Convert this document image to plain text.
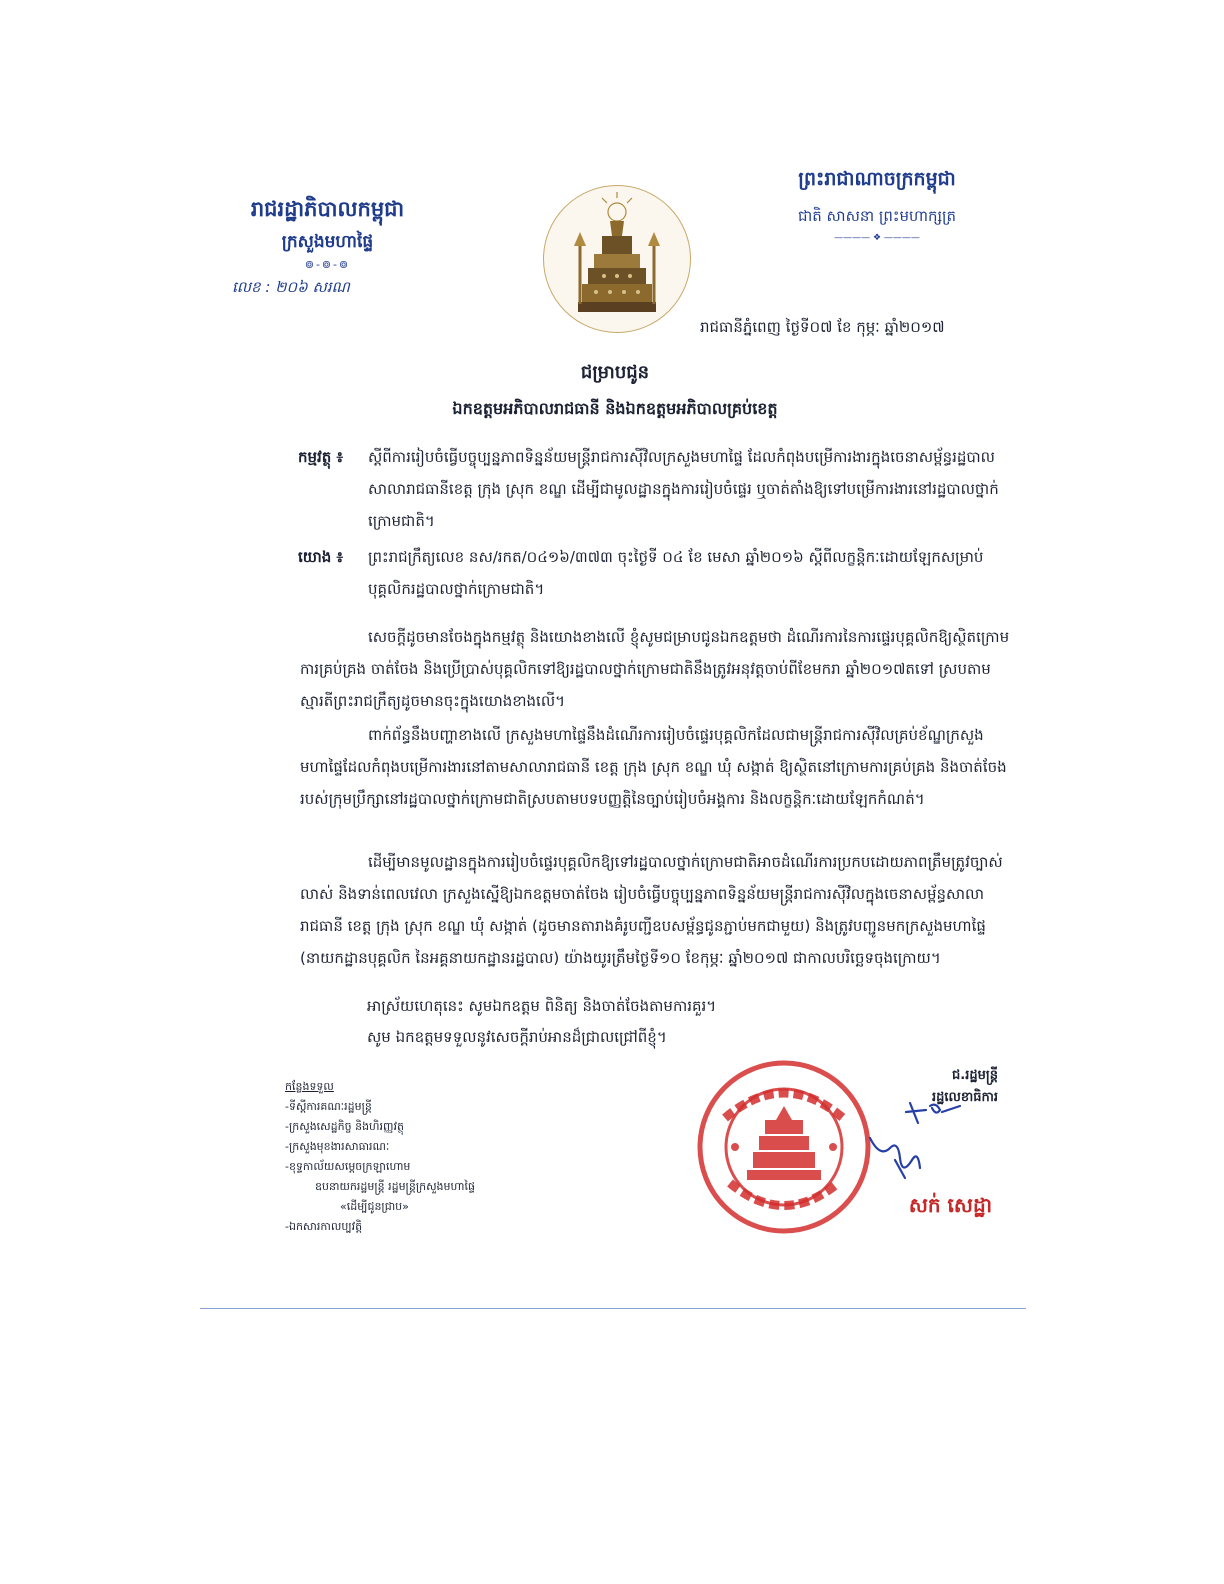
រាជរដ្ឋាភិបាលកម្ពុជា
ក្រសួងមហាផ្ទៃ
៙-៙-៙
លេខ : ២០៦ សរណ
ព្រះរាជាណាចក្រកម្ពុជា
ជាតិ សាសនា ព្រះមហាក្សត្រ
———— ❖ ————
រាជធានីភ្នំពេញ ថ្ងៃទី០៧ ខែ កុម្ភៈ ឆ្នាំ២០១៧
ជម្រាបជូន
ឯកឧត្តមអភិបាលរាជធានី និងឯកឧត្តមអភិបាលគ្រប់ខេត្ត
កម្មវត្ថុ ៖ ស្តីពីការរៀបចំធ្វើបច្ចុប្បន្នភាពទិន្នន័យមន្ត្រីរាជការស៊ីវិលក្រសួងមហាផ្ទៃ ដែលកំពុងបម្រើការងារក្នុងចេនាសម្ព័ន្ធរដ្ឋបាលសាលារាជធានីខេត្ត ក្រុង ស្រុក ខណ្ឌ ដើម្បីជាមូលដ្ឋានក្នុងការរៀបចំផ្ទេរ ឬចាត់តាំងឱ្យទៅបម្រើការងារនៅរដ្ឋបាលថ្នាក់ក្រោមជាតិ។
យោង ៖ ព្រះរាជក្រឹត្យលេខ នស/រកត/០៤១៦/៣៧៣ ចុះថ្ងៃទី ០៤ ខែ មេសា ឆ្នាំ២០១៦ ស្តីពីលក្ខន្តិកៈដោយឡែកសម្រាប់បុគ្គលិករដ្ឋបាលថ្នាក់ក្រោមជាតិ។
សេចក្តីដូចមានចែងក្នុងកម្មវត្ថុ និងយោងខាងលើ ខ្ញុំសូមជម្រាបជូនឯកឧត្តមថា ដំណើរការនៃការផ្ទេរបុគ្គលិកឱ្យស្ថិតក្រោមការគ្រប់គ្រង ចាត់ចែង និងប្រើប្រាស់បុគ្គលិកទៅឱ្យរដ្ឋបាលថ្នាក់ក្រោមជាតិនឹងត្រូវអនុវត្តចាប់ពីខែមករា ឆ្នាំ២០១៧តទៅ ស្របតាមស្មារតីព្រះរាជក្រឹត្យដូចមានចុះក្នុងយោងខាងលើ។
ពាក់ព័ន្ធនឹងបញ្ហាខាងលើ ក្រសួងមហាផ្ទៃនឹងដំណើរការរៀបចំផ្ទេរបុគ្គលិកដែលជាមន្ត្រីរាជការស៊ីវិលគ្រប់ខ័ណ្ឌក្រសួងមហាផ្ទៃដែលកំពុងបម្រើការងារនៅតាមសាលារាជធានី ខេត្ត ក្រុង ស្រុក ខណ្ឌ ឃុំ សង្កាត់ ឱ្យស្ថិតនៅក្រោមការគ្រប់គ្រង និងចាត់ចែងរបស់ក្រុមប្រឹក្សានៅរដ្ឋបាលថ្នាក់ក្រោមជាតិស្របតាមបទបញ្ញត្តិនៃច្បាប់រៀបចំអង្គការ និងលក្ខន្តិកៈដោយឡែកកំណត់។
ដើម្បីមានមូលដ្ឋានក្នុងការរៀបចំផ្ទេរបុគ្គលិកឱ្យទៅរដ្ឋបាលថ្នាក់ក្រោមជាតិអាចដំណើរការប្រកបដោយភាពត្រឹមត្រូវច្បាស់លាស់ និងទាន់ពេលវេលា ក្រសួងស្នើឱ្យឯកឧត្តមចាត់ចែង រៀបចំធ្វើបច្ចុប្បន្នភាពទិន្នន័យមន្ត្រីរាជការស៊ីវិលក្នុងចេនាសម្ព័ន្ធសាលារាជធានី ខេត្ត ក្រុង ស្រុក ខណ្ឌ ឃុំ សង្កាត់ (ដូចមានតារាងគំរូបញ្ជីឧបសម្ព័ន្ធជូនភ្ជាប់មកជាមួយ) និងត្រូវបញ្ជូនមកក្រសួងមហាផ្ទៃ (នាយកដ្ឋានបុគ្គលិក នៃអគ្គនាយកដ្ឋានរដ្ឋបាល) យ៉ាងយូរត្រឹមថ្ងៃទី១០ ខែកុម្ភៈ ឆ្នាំ២០១៧ ជាកាលបរិច្ឆេទចុងក្រោយ។
អាស្រ័យហេតុនេះ សូមឯកឧត្តម ពិនិត្យ និងចាត់ចែងតាមការគួរ។
សូម ឯកឧត្តមទទួលនូវសេចក្តីរាប់អានដ៏ជ្រាលជ្រៅពីខ្ញុំ។
កន្លែងទទួល
-ទីស្តីការគណៈរដ្ឋមន្ត្រី
-ក្រសួងសេដ្ឋកិច្ច និងហិរញ្ញវត្ថុ
-ក្រសួងមុខងារសាធារណៈ
-ខុទ្ទកាល័យសម្តេចក្រឡាហោម
ឧបនាយករដ្ឋមន្ត្រី រដ្ឋមន្ត្រីក្រសួងមហាផ្ទៃ
«ដើម្បីជូនជ្រាប»
-ឯកសារកាលប្បវត្តិ
ជ.រដ្ឋមន្ត្រី
រដ្ឋលេខាធិការ
សក់ សេដ្ឋា
